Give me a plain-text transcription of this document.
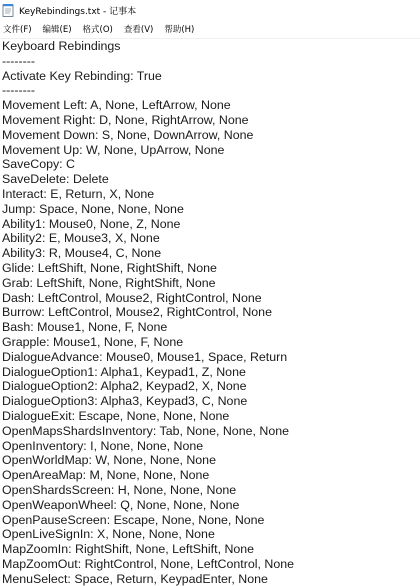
KeyRebindings.txt - 记事本
文件(F) 编辑(E) 格式(O) 查看(V) 帮助(H)
Keyboard Rebindings
--------
Activate Key Rebinding: True
--------
Movement Left: A, None, LeftArrow, None
Movement Right: D, None, RightArrow, None
Movement Down: S, None, DownArrow, None
Movement Up: W, None, UpArrow, None
SaveCopy: C
SaveDelete: Delete
Interact: E, Return, X, None
Jump: Space, None, None, None
Ability1: Mouse0, None, Z, None
Ability2: E, Mouse3, X, None
Ability3: R, Mouse4, C, None
Glide: LeftShift, None, RightShift, None
Grab: LeftShift, None, RightShift, None
Dash: LeftControl, Mouse2, RightControl, None
Burrow: LeftControl, Mouse2, RightControl, None
Bash: Mouse1, None, F, None
Grapple: Mouse1, None, F, None
DialogueAdvance: Mouse0, Mouse1, Space, Return
DialogueOption1: Alpha1, Keypad1, Z, None
DialogueOption2: Alpha2, Keypad2, X, None
DialogueOption3: Alpha3, Keypad3, C, None
DialogueExit: Escape, None, None, None
OpenMapsShardsInventory: Tab, None, None, None
OpenInventory: I, None, None, None
OpenWorldMap: W, None, None, None
OpenAreaMap: M, None, None, None
OpenShardsScreen: H, None, None, None
OpenWeaponWheel: Q, None, None, None
OpenPauseScreen: Escape, None, None, None
OpenLiveSignIn: X, None, None, None
MapZoomIn: RightShift, None, LeftShift, None
MapZoomOut: RightControl, None, LeftControl, None
MenuSelect: Space, Return, KeypadEnter, None
